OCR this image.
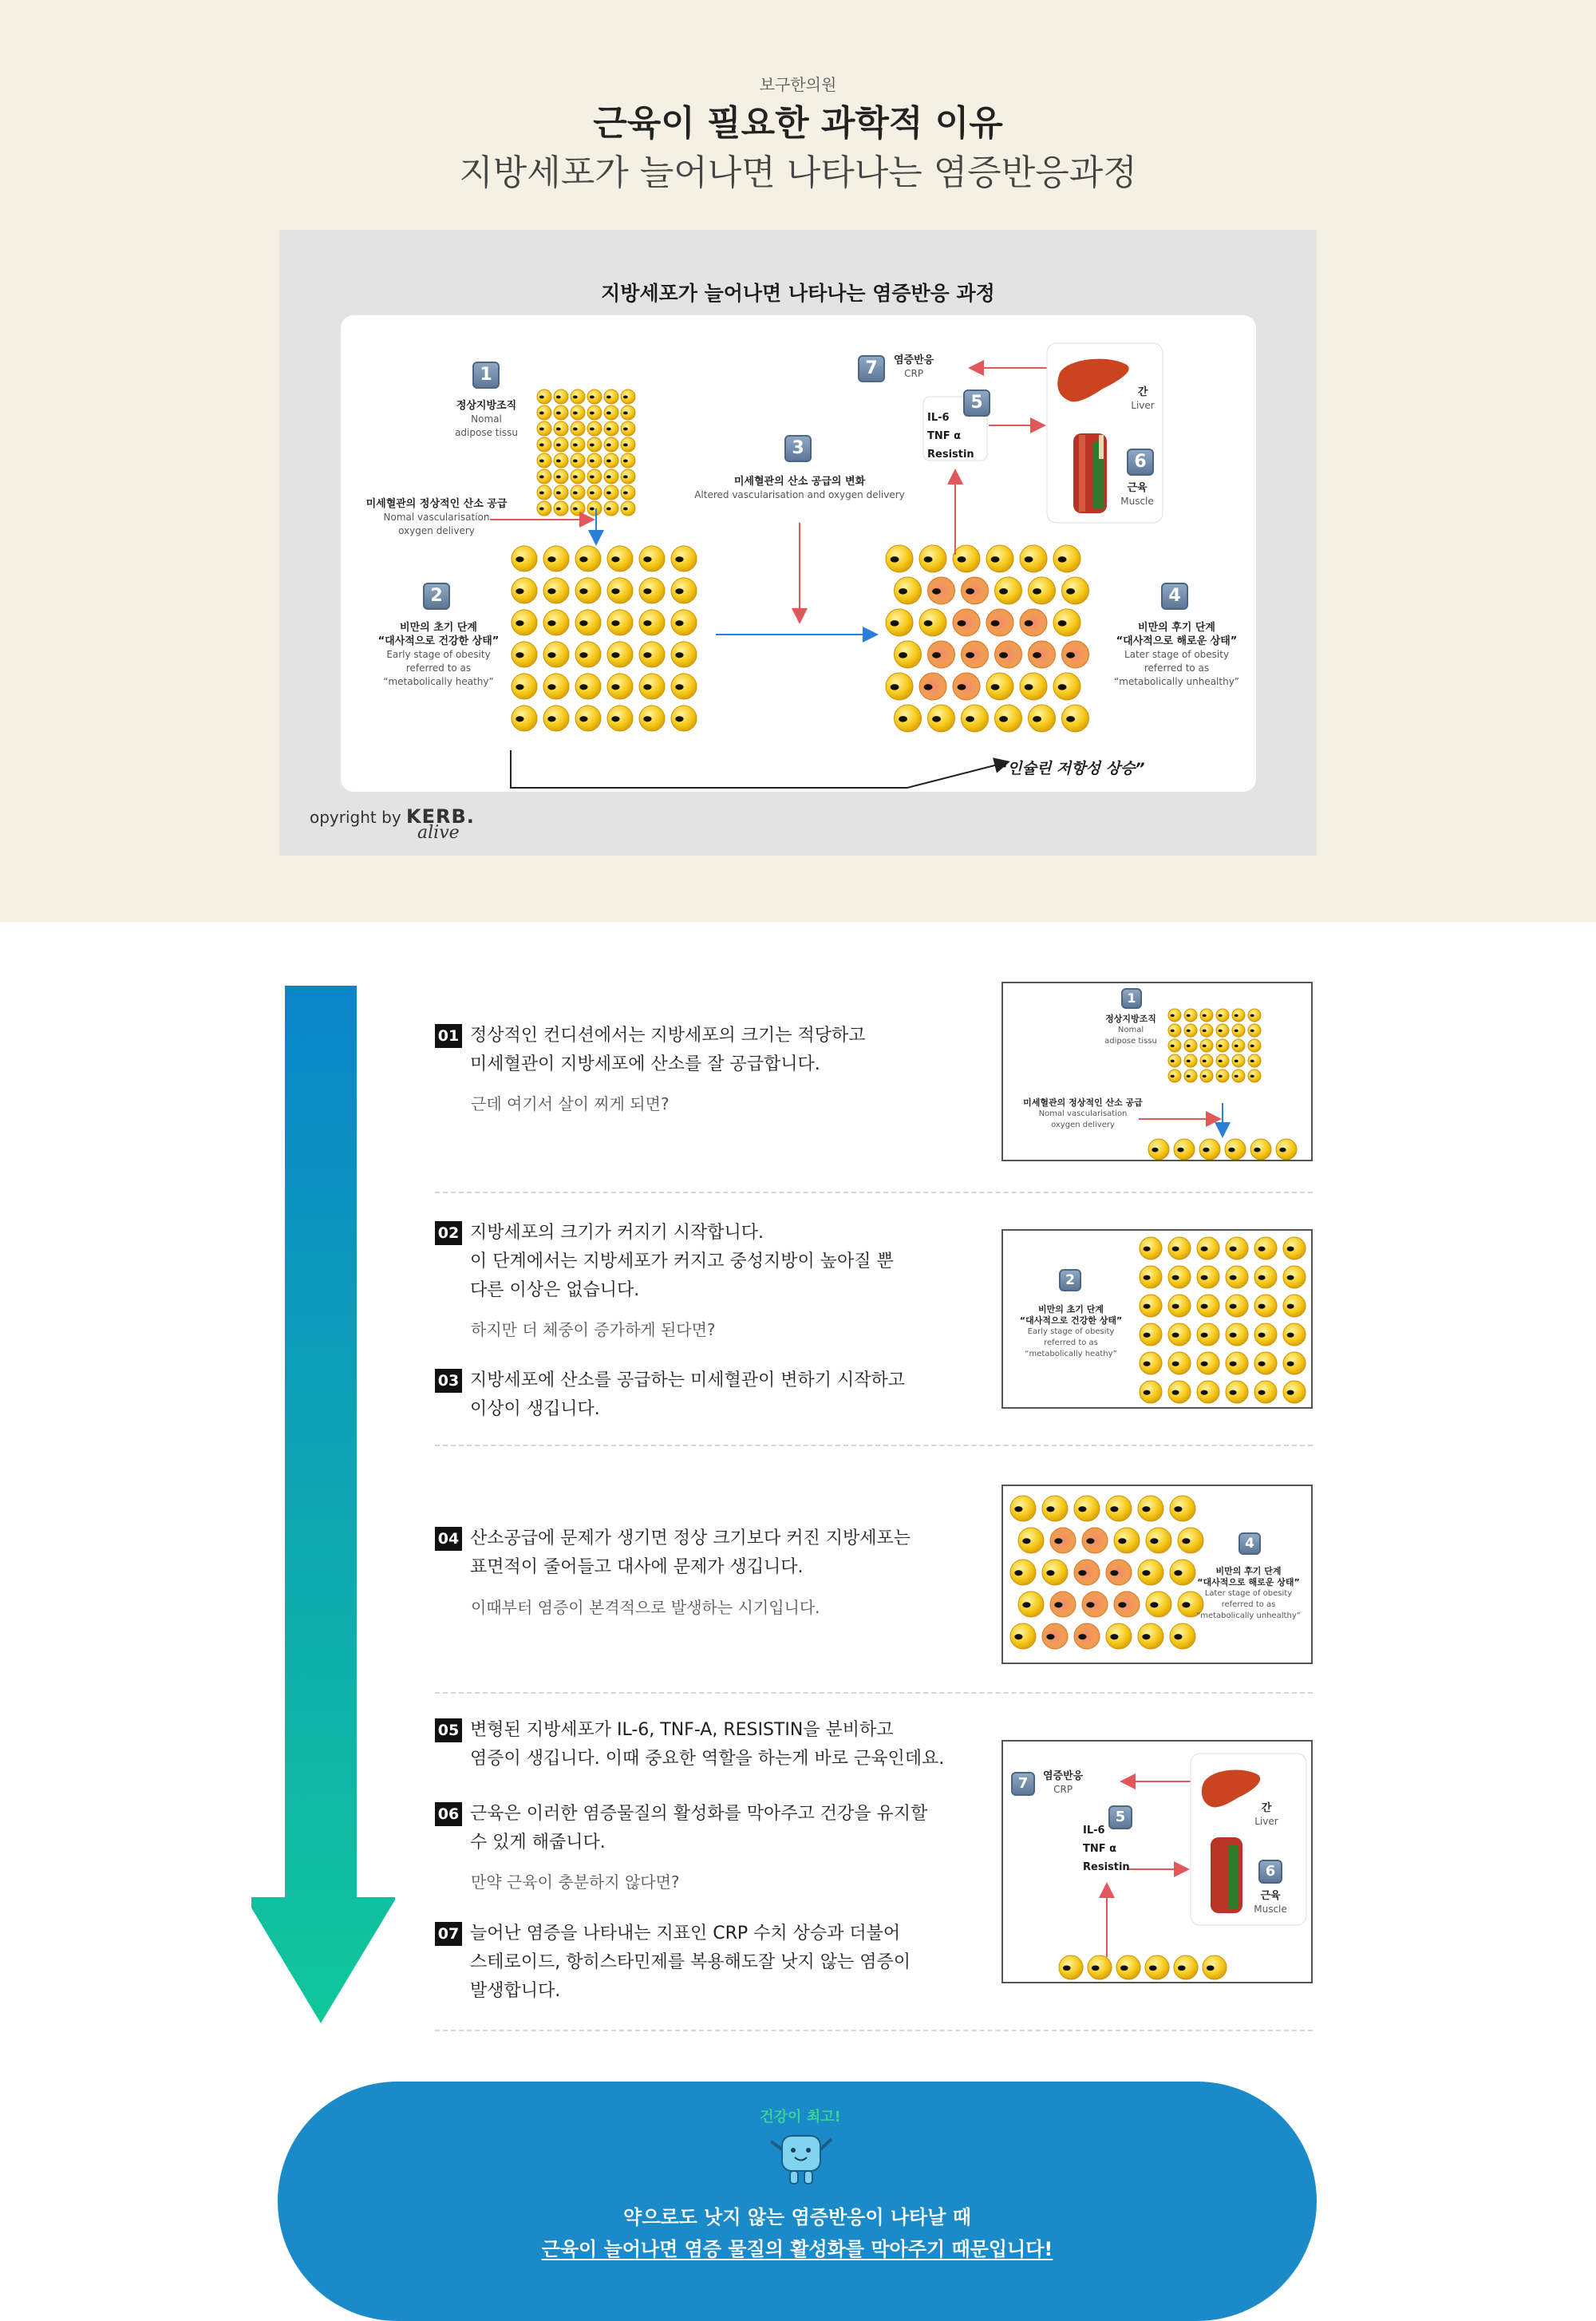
보구한의원
근육이 필요한 과학적 이유
지방세포가 늘어나면 나타나는 염증반응과정
지방세포가 늘어나면 나타나는 염증반응 과정
1
정상지방조직
Nomal
adipose tissu
미세혈관의 정상적인 산소 공급
Nomal vascularisation
oxygen delivery
2
비만의 초기 단계
“대사적으로 건강한 상태”
Early stage of obesity
referred to as
“metabolically heathy”
3
미세혈관의 산소 공급의 변화
Altered vascularisation and oxygen delivery
4
비만의 후기 단계
“대사적으로 해로운 상태”
Later stage of obesity
referred to as
“metabolically unhealthy”
5
IL-6
TNF α
Resistin
7	염증반응
CRP
간
Liver
6
근육
Muscle
“인슐린 저항성 상승”
opyright by KERB.
alive
01 정상적인 컨디션에서는 지방세포의 크기는 적당하고
미세혈관이 지방세포에 산소를 잘 공급합니다.
근데 여기서 살이 찌게 되면?
1
정상지방조직
Nomal
adipose tissu
미세혈관의 정상적인 산소 공급
Nomal vascularisation
oxygen delivery
02 지방세포의 크기가 커지기 시작합니다.
이 단계에서는 지방세포가 커지고 중성지방이 높아질 뿐
다른 이상은 없습니다.
하지만 더 체중이 증가하게 된다면?
03 지방세포에 산소를 공급하는 미세혈관이 변하기 시작하고
이상이 생깁니다.
2
비만의 초기 단계
“대사적으로 건강한 상태”
Early stage of obesity
referred to as
“metabolically heathy”
04 산소공급에 문제가 생기면 정상 크기보다 커진 지방세포는
표면적이 줄어들고 대사에 문제가 생깁니다.
이때부터 염증이 본격적으로 발생하는 시기입니다.
4
비만의 후기 단계
“대사적으로 해로운 상태”
Later stage of obesity
referred to as
“metabolically unhealthy”
05 변형된 지방세포가 IL-6, TNF-A, RESISTIN을 분비하고
염증이 생깁니다. 이때 중요한 역할을 하는게 바로 근육인데요.
06 근육은 이러한 염증물질의 활성화를 막아주고 건강을 유지할
수 있게 해줍니다.
만약 근육이 충분하지 않다면?
07 늘어난 염증을 나타내는 지표인 CRP 수치 상승과 더불어
스테로이드, 항히스타민제를 복용해도잘 낫지 않는 염증이
발생합니다.
7	염증반응
CRP
5
IL-6
TNF α
Resistin
간
Liver
6
근육
Muscle
건강이 최고!
약으로도 낫지 않는 염증반응이 나타날 때
근육이 늘어나면 염증 물질의 활성화를 막아주기 때문입니다!
